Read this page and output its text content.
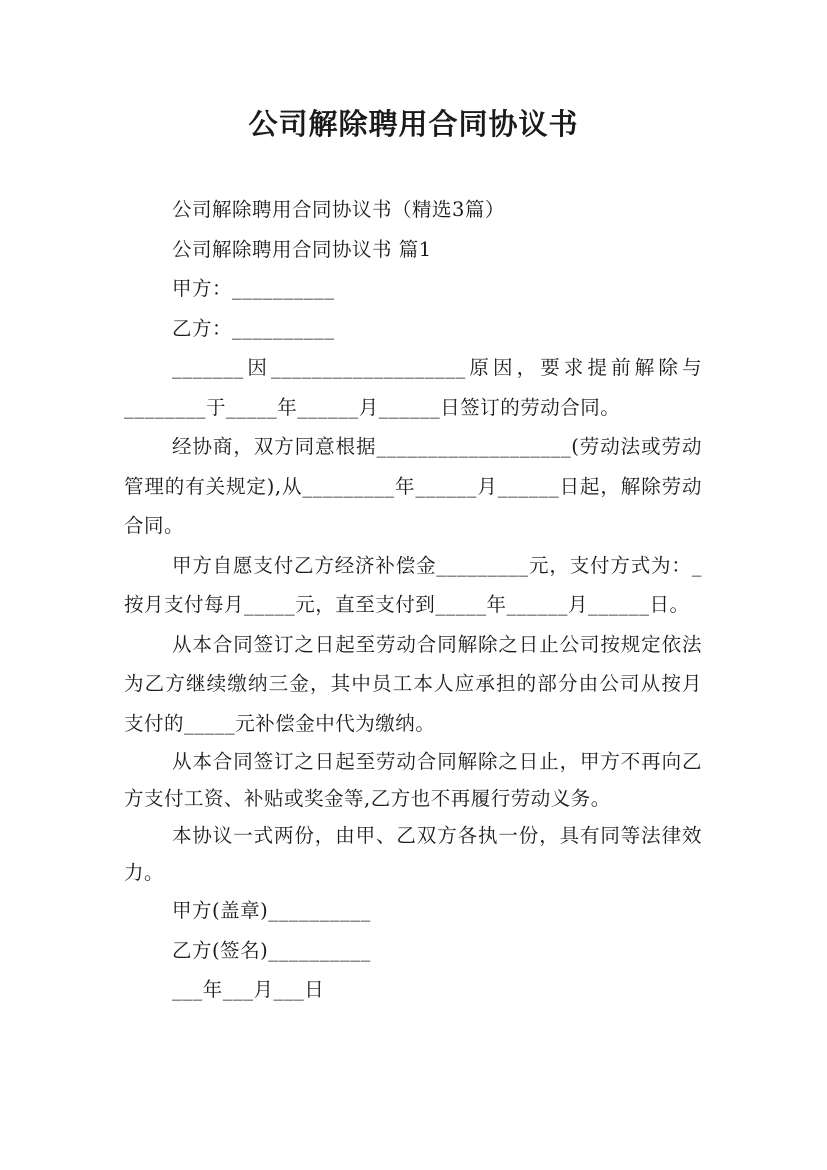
公司解除聘用合同协议书

公司解除聘用合同协议书（精选3篇）

公司解除聘用合同协议书 篇1

甲方：__________

乙方：__________

_______因___________________原因，要求提前解除与________于_____年______月______日签订的劳动合同。

经协商，双方同意根据___________________(劳动法或劳动管理的有关规定),从_________年______月______日起，解除劳动合同。

甲方自愿支付乙方经济补偿金_________元，支付方式为：_按月支付每月_____元，直至支付到_____年______月______日。

从本合同签订之日起至劳动合同解除之日止公司按规定依法为乙方继续缴纳三金，其中员工本人应承担的部分由公司从按月支付的_____元补偿金中代为缴纳。

从本合同签订之日起至劳动合同解除之日止，甲方不再向乙方支付工资、补贴或奖金等,乙方也不再履行劳动义务。

本协议一式两份，由甲、乙双方各执一份，具有同等法律效力。

甲方(盖章)__________

乙方(签名)__________

___年___月___日
